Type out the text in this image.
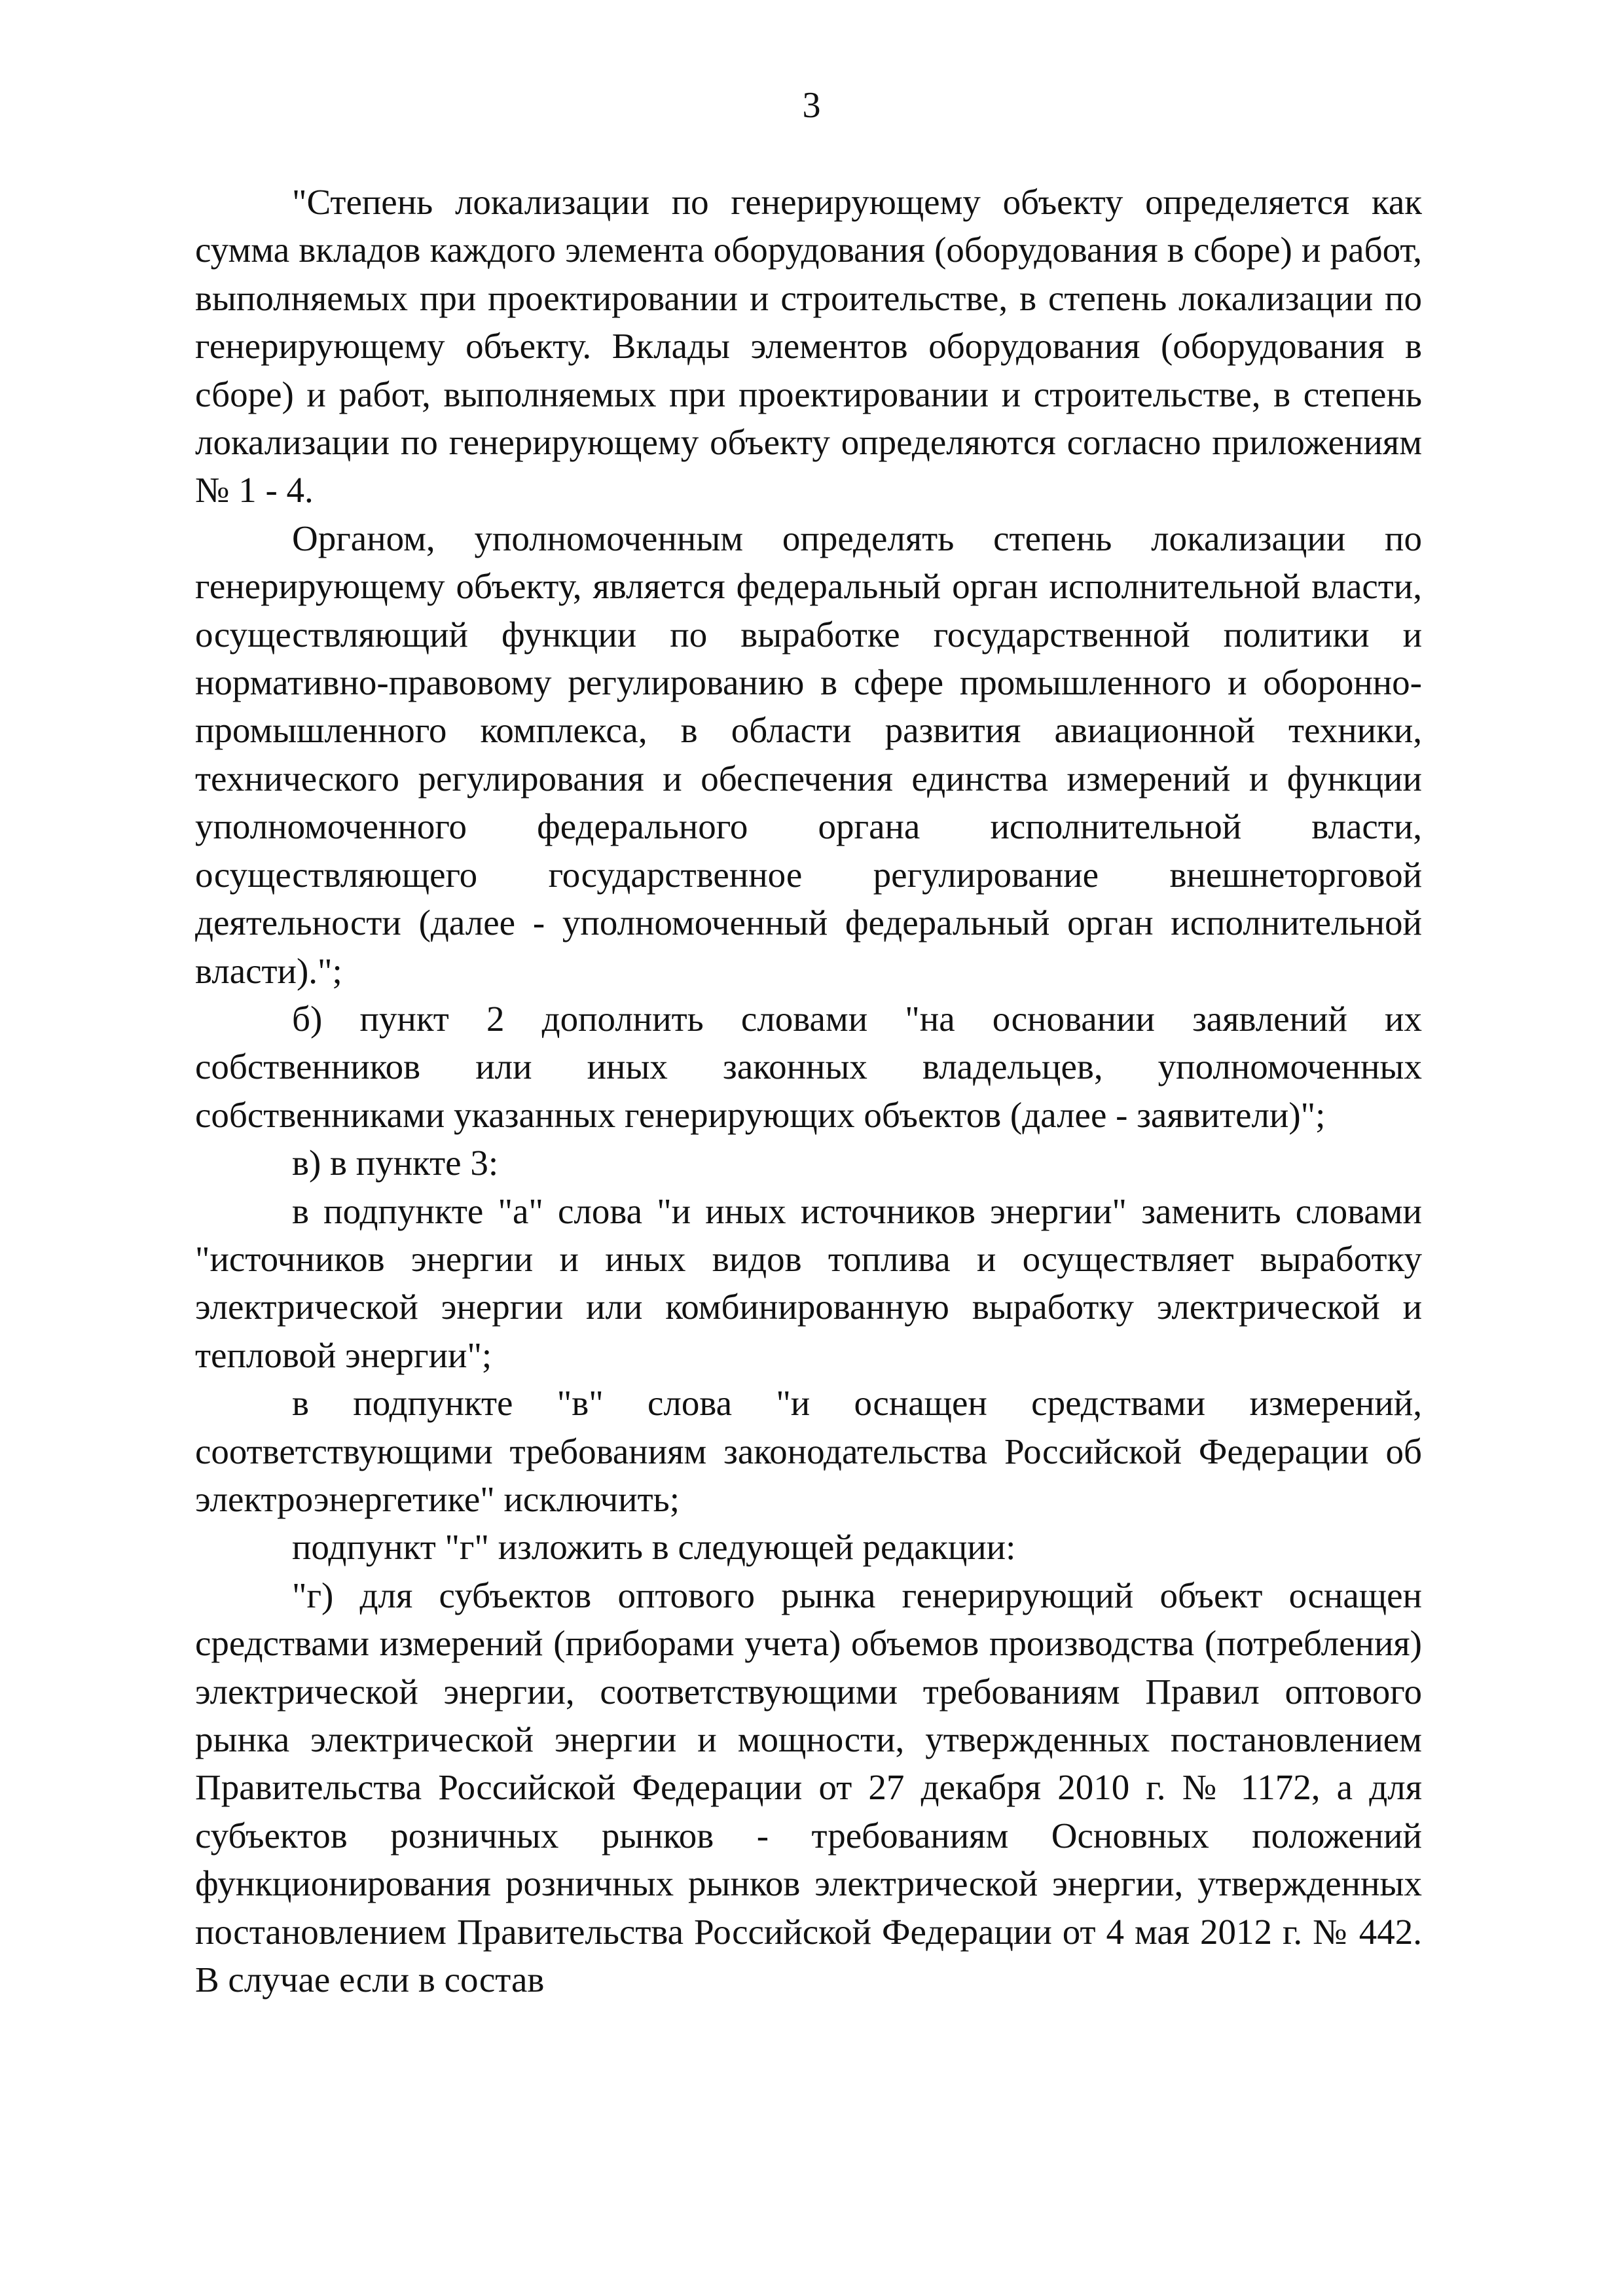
3

"Степень локализации по генерирующему объекту определяется как сумма вкладов каждого элемента оборудования (оборудования в сборе) и работ, выполняемых при проектировании и строительстве, в степень локализации по генерирующему объекту. Вклады элементов оборудования (оборудования в сборе) и работ, выполняемых при проектировании и строительстве, в степень локализации по генерирующему объекту определяются согласно приложениям № 1 - 4.

Органом, уполномоченным определять степень локализации по генерирующему объекту, является федеральный орган исполнительной власти, осуществляющий функции по выработке государственной политики и нормативно-правовому регулированию в сфере промышленного и оборонно-промышленного комплекса, в области развития авиационной техники, технического регулирования и обеспечения единства измерений и функции уполномоченного федерального органа исполнительной власти, осуществляющего государственное регулирование внешнеторговой деятельности (далее - уполномоченный федеральный орган исполнительной власти).";

б) пункт 2 дополнить словами "на основании заявлений их собственников или иных законных владельцев, уполномоченных собственниками указанных генерирующих объектов (далее - заявители)";

в) в пункте 3:

в подпункте "а" слова "и иных источников энергии" заменить словами "источников энергии и иных видов топлива и осуществляет выработку электрической энергии или комбинированную выработку электрической и тепловой энергии";

в подпункте "в" слова "и оснащен средствами измерений, соответствующими требованиям законодательства Российской Федерации об электроэнергетике" исключить;

подпункт "г" изложить в следующей редакции:

"г) для субъектов оптового рынка генерирующий объект оснащен средствами измерений (приборами учета) объемов производства (потребления) электрической энергии, соответствующими требованиям Правил оптового рынка электрической энергии и мощности, утвержденных постановлением Правительства Российской Федерации от 27 декабря 2010 г. № 1172, а для субъектов розничных рынков - требованиям Основных положений функционирования розничных рынков электрической энергии, утвержденных постановлением Правительства Российской Федерации от 4 мая 2012 г. № 442. В случае если в состав
